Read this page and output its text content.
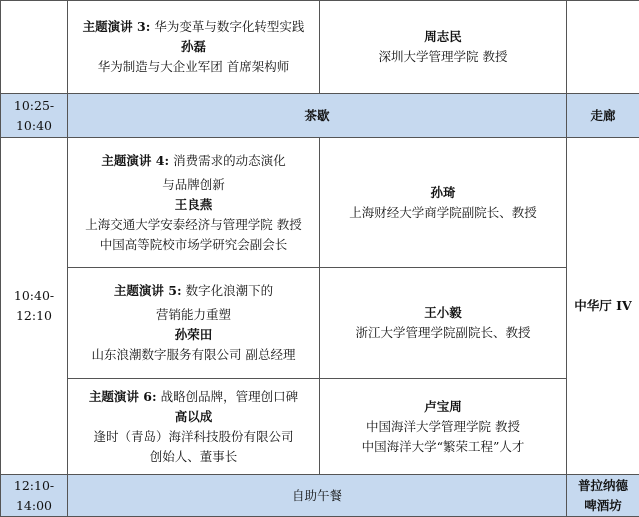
	主题演讲 3: 华为变革与数字化转型实践
孙磊
华为制造与大企业军团 首席架构师	周志民
深圳大学管理学院 教授	

10:25-
10:40	茶歇		走廊

10:40-
12:10	主题演讲 4: 消费需求的动态演化
与品牌创新
王良燕
上海交通大学安泰经济与管理学院 教授
中国高等院校市场学研究会副会长	孙琦
上海财经大学商学院副院长、教授	中华厅 IV

	主题演讲 5: 数字化浪潮下的
营销能力重塑
孙荣田
山东浪潮数字服务有限公司 副总经理	王小毅
浙江大学管理学院副院长、教授	

	主题演讲 6: 战略创品牌，管理创口碑
高以成
逢时（青岛）海洋科技股份有限公司
创始人、董事长	卢宝周
中国海洋大学管理学院 教授
中国海洋大学“繁荣工程”人才	

12:10-
14:00	自助午餐		普拉纳德
啤酒坊
